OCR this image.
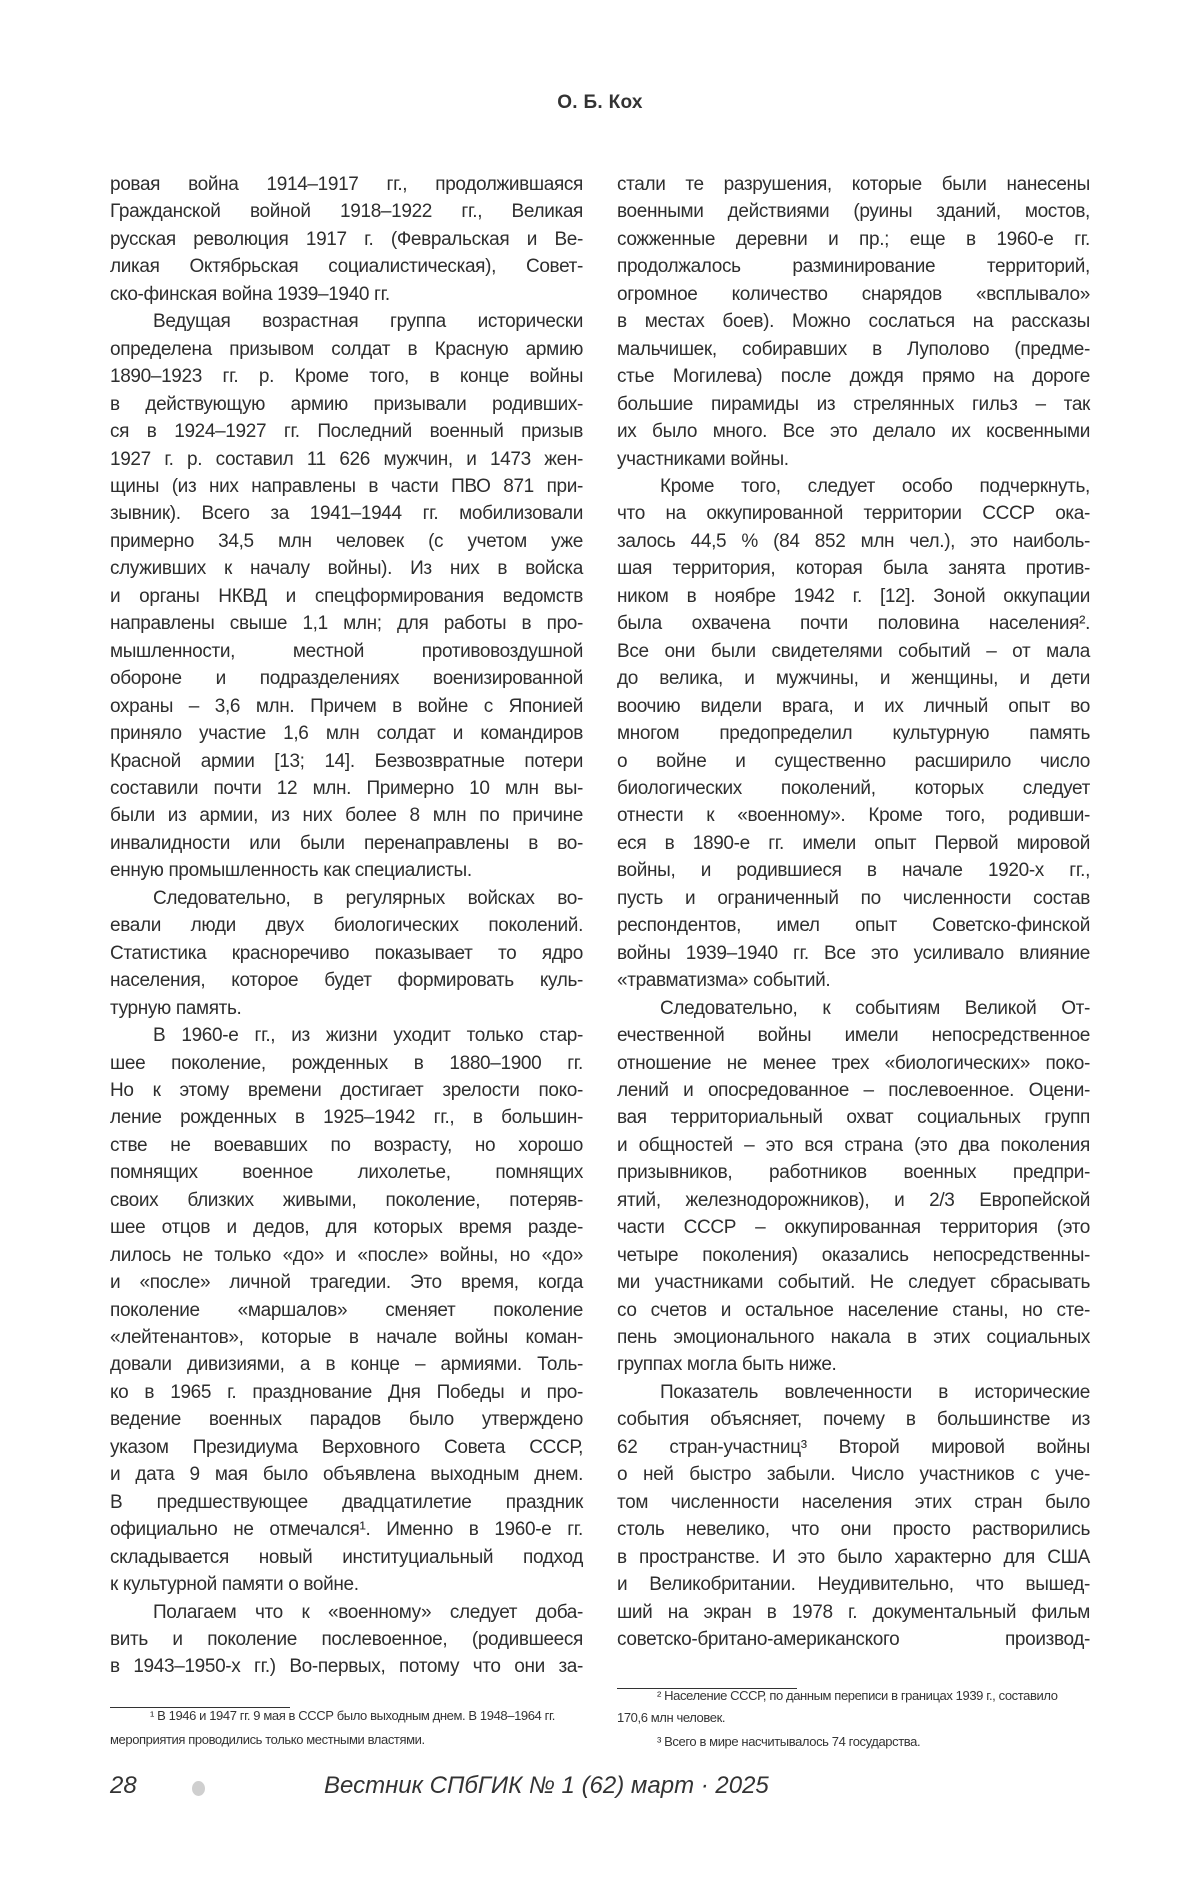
О. Б. Кох
ровая война 1914–1917 гг., продолжившаяся
Гражданской войной 1918–1922 гг., Великая
русская революция 1917 г. (Февральская и Ве-
ликая Октябрьская социалистическая), Совет-
ско-финская война 1939–1940 гг.
Ведущая возрастная группа исторически
определена призывом солдат в Красную армию
1890–1923 гг. р. Кроме того, в конце войны
в действующую армию призывали родивших-
ся в 1924–1927 гг. Последний военный призыв
1927 г. р. составил 11 626 мужчин, и 1473 жен-
щины (из них направлены в части ПВО 871 при-
зывник). Всего за 1941–1944 гг. мобилизовали
примерно 34,5 млн человек (с учетом уже
служивших к началу войны). Из них в войска
и органы НКВД и спецформирования ведомств
направлены свыше 1,1 млн; для работы в про-
мышленности, местной противовоздушной
обороне и подразделениях военизированной
охраны – 3,6 млн. Причем в войне с Японией
приняло участие 1,6 млн солдат и командиров
Красной армии [13; 14]. Безвозвратные потери
составили почти 12 млн. Примерно 10 млн вы-
были из армии, из них более 8 млн по причине
инвалидности или были перенаправлены в во-
енную промышленность как специалисты.
Следовательно, в регулярных войсках во-
евали люди двух биологических поколений.
Статистика красноречиво показывает то ядро
населения, которое будет формировать куль-
турную память.
В 1960-е гг., из жизни уходит только стар-
шее поколение, рожденных в 1880–1900 гг.
Но к этому времени достигает зрелости поко-
ление рожденных в 1925–1942 гг., в большин-
стве не воевавших по возрасту, но хорошо
помнящих военное лихолетье, помнящих
своих близких живыми, поколение, потеряв-
шее отцов и дедов, для которых время разде-
лилось не только «до» и «после» войны, но «до»
и «после» личной трагедии. Это время, когда
поколение «маршалов» сменяет поколение
«лейтенантов», которые в начале войны коман-
довали дивизиями, а в конце – армиями. Толь-
ко в 1965 г. празднование Дня Победы и про-
ведение военных парадов было утверждено
указом Президиума Верховного Совета СССР,
и дата 9 мая было объявлена выходным днем.
В предшествующее двадцатилетие праздник
официально не отмечался¹. Именно в 1960-е гг.
складывается новый институциальный подход
к культурной памяти о войне.
Полагаем что к «военному» следует доба-
вить и поколение послевоенное, (родившееся
в 1943–1950-х гг.) Во-первых, потому что они за-
стали те разрушения, которые были нанесены
военными действиями (руины зданий, мостов,
сожженные деревни и пр.; еще в 1960-е гг.
продолжалось разминирование территорий,
огромное количество снарядов «всплывало»
в местах боев). Можно сослаться на рассказы
мальчишек, собиравших в Луполово (предме-
стье Могилева) после дождя прямо на дороге
большие пирамиды из стрелянных гильз – так
их было много. Все это делало их косвенными
участниками войны.
Кроме того, следует особо подчеркнуть,
что на оккупированной территории СССР ока-
залось 44,5 % (84 852 млн чел.), это наиболь-
шая территория, которая была занята против-
ником в ноябре 1942 г. [12]. Зоной оккупации
была охвачена почти половина населения².
Все они были свидетелями событий – от мала
до велика, и мужчины, и женщины, и дети
воочию видели врага, и их личный опыт во
многом предопределил культурную память
о войне и существенно расширило число
биологических поколений, которых следует
отнести к «военному». Кроме того, родивши-
еся в 1890-е гг. имели опыт Первой мировой
войны, и родившиеся в начале 1920-х гг.,
пусть и ограниченный по численности состав
респондентов, имел опыт Советско-финской
войны 1939–1940 гг. Все это усиливало влияние
«травматизма» событий.
Следовательно, к событиям Великой От-
ечественной войны имели непосредственное
отношение не менее трех «биологических» поко-
лений и опосредованное – послевоенное. Оцени-
вая территориальный охват социальных групп
и общностей – это вся страна (это два поколения
призывников, работников военных предпри-
ятий, железнодорожников), и 2/3 Европейской
части СССР – оккупированная территория (это
четыре поколения) оказались непосредственны-
ми участниками событий. Не следует сбрасывать
со счетов и остальное население станы, но сте-
пень эмоционального накала в этих социальных
группах могла быть ниже.
Показатель вовлеченности в исторические
события объясняет, почему в большинстве из
62 стран-участниц³ Второй мировой войны
о ней быстро забыли. Число участников с уче-
том численности населения этих стран было
столь невелико, что они просто растворились
в пространстве. И это было характерно для США
и Великобритании. Неудивительно, что вышед-
ший на экран в 1978 г. документальный фильм
советско-британо-американского производ-
¹ В 1946 и 1947 гг. 9 мая в СССР было выходным днем. В 1948–1964 гг.
мероприятия проводились только местными властями.
² Население СССР, по данным переписи в границах 1939 г., составило
170,6 млн человек.
³ Всего в мире насчитывалось 74 государства.
28	Вестник СПбГИК № 1 (62) март · 2025
